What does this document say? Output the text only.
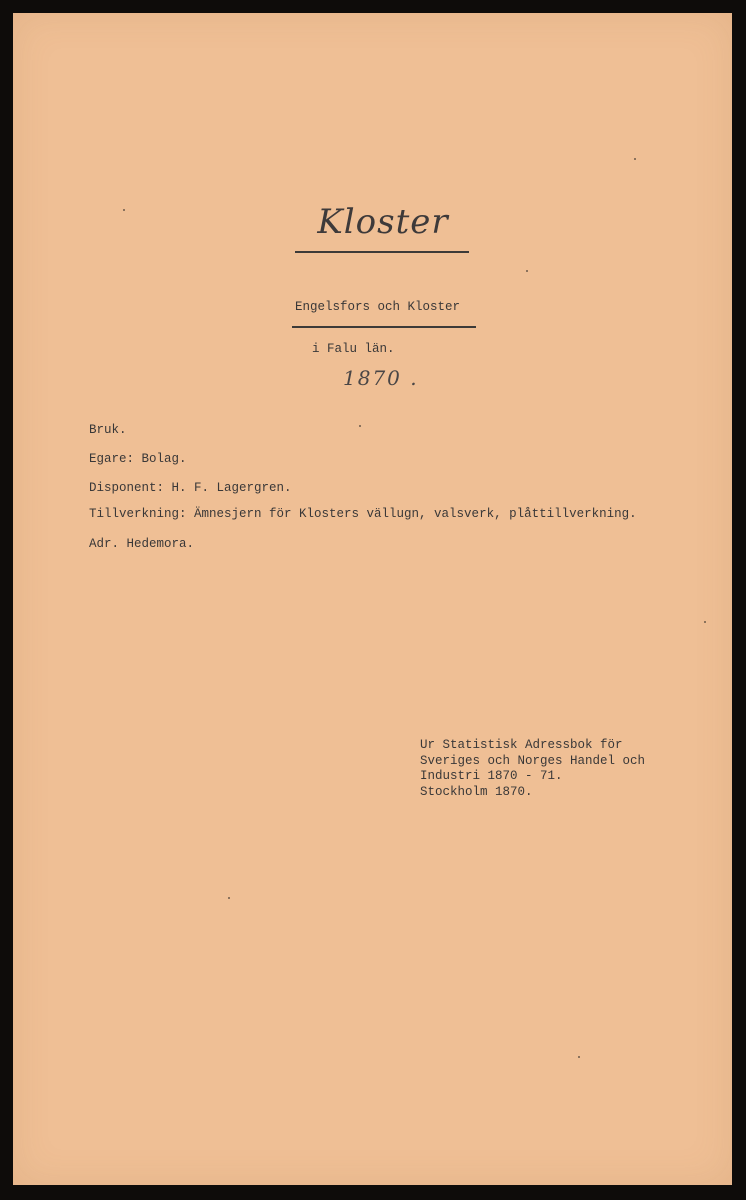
Kloster
Engelsfors och Kloster
i Falu län.
1870 .
Bruk.
Egare: Bolag.
Disponent: H. F. Lagergren.
Tillverkning: Ämnesjern för Klosters vällugn, valsverk, plåttillverkning.
Adr. Hedemora.
Ur Statistisk Adressbok för
Sveriges och Norges Handel och
Industri 1870 - 71.
Stockholm 1870.
